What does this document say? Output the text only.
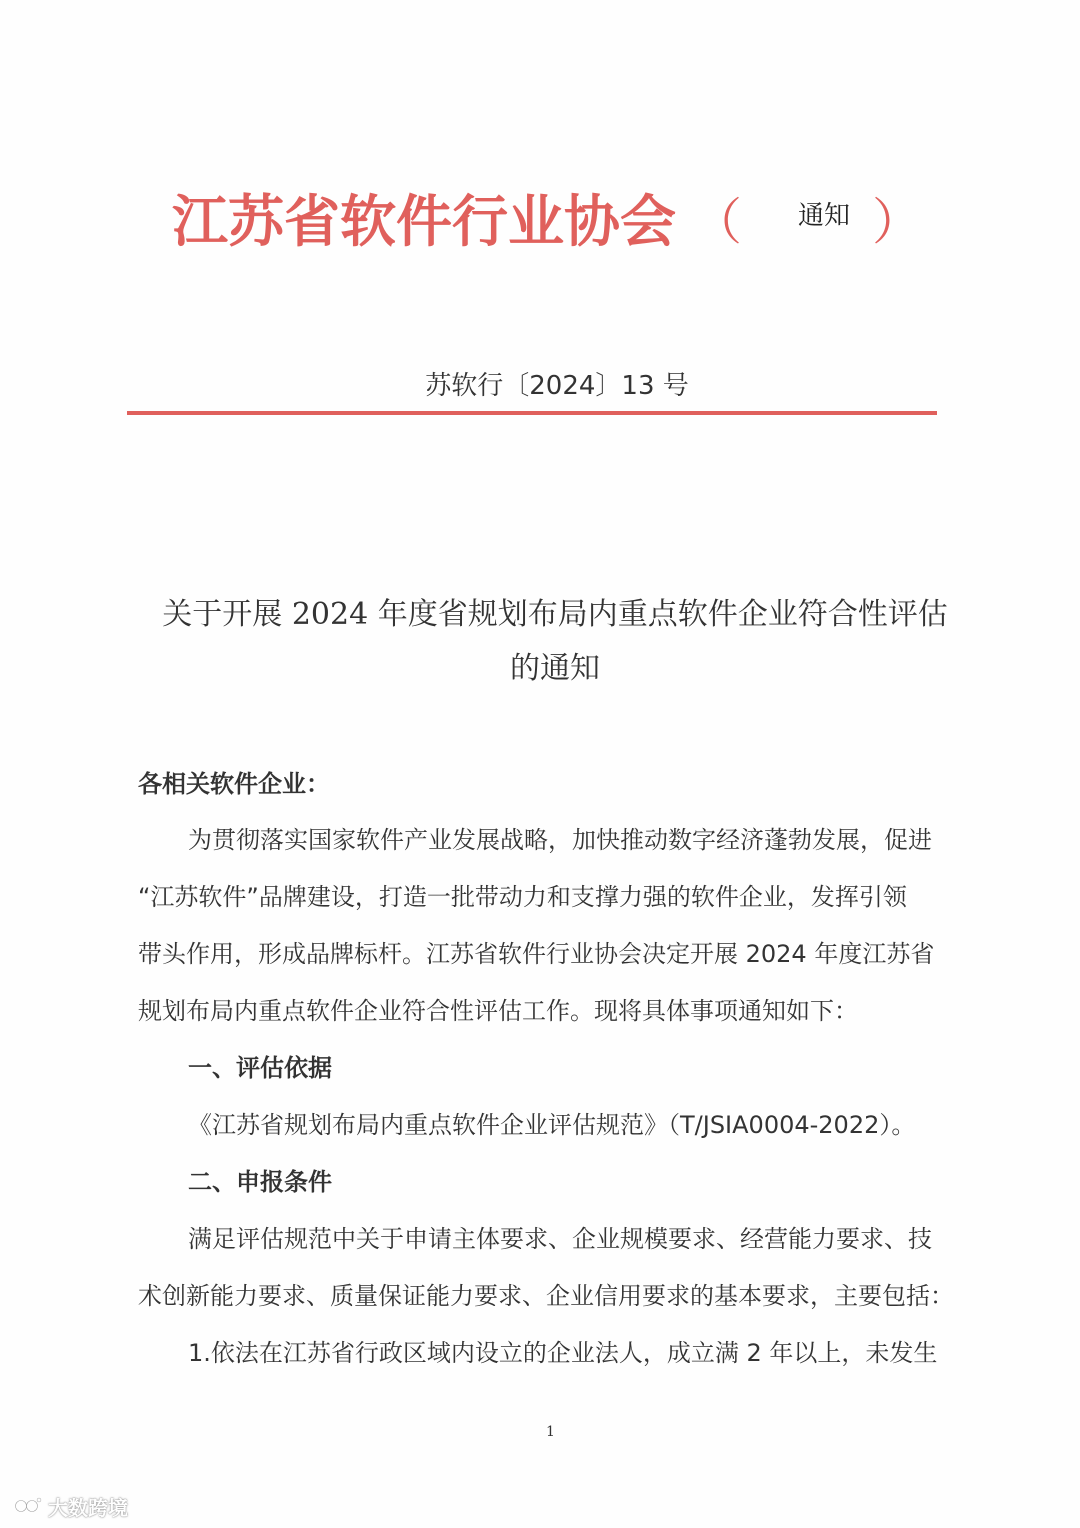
江苏省软件行业协会 （ 通知 ）
苏软行〔2024〕13 号
关于开展 2024 年度省规划布局内重点软件企业符合性评估
的通知
各相关软件企业：
为贯彻落实国家软件产业发展战略，加快推动数字经济蓬勃发展，促进
“江苏软件”品牌建设，打造一批带动力和支撑力强的软件企业，发挥引领
带头作用，形成品牌标杆。江苏省软件行业协会决定开展 2024 年度江苏省
规划布局内重点软件企业符合性评估工作。现将具体事项通知如下：
一、评估依据
《江苏省规划布局内重点软件企业评估规范》（T/JSIA0004-2022）。
二、申报条件
满足评估规范中关于申请主体要求、企业规模要求、经营能力要求、技
术创新能力要求、质量保证能力要求、企业信用要求的基本要求，主要包括：
1.依法在江苏省行政区域内设立的企业法人，成立满 2 年以上，未发生
1
大数跨境
